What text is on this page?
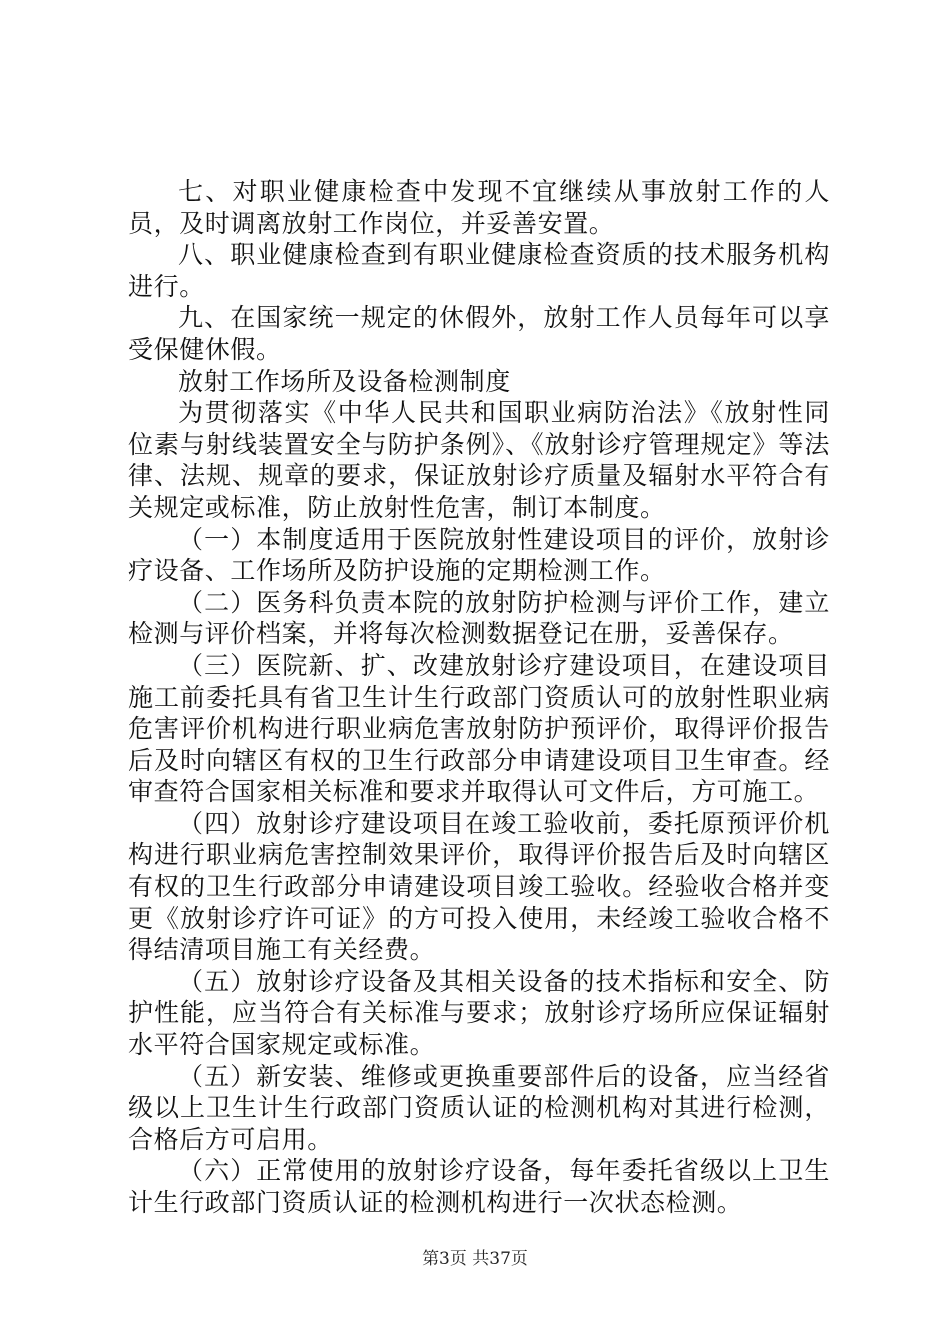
七、对职业健康检查中发现不宜继续从事放射工作的人员，及时调离放射工作岗位，并妥善安置。

八、职业健康检查到有职业健康检查资质的技术服务机构进行。

九、在国家统一规定的休假外，放射工作人员每年可以享受保健休假。

放射工作场所及设备检测制度

为贯彻落实《中华人民共和国职业病防治法》《放射性同位素与射线装置安全与防护条例》、《放射诊疗管理规定》等法律、法规、规章的要求，保证放射诊疗质量及辐射水平符合有关规定或标准，防止放射性危害，制订本制度。

（一）本制度适用于医院放射性建设项目的评价，放射诊疗设备、工作场所及防护设施的定期检测工作。

（二）医务科负责本院的放射防护检测与评价工作，建立检测与评价档案，并将每次检测数据登记在册，妥善保存。

（三）医院新、扩、改建放射诊疗建设项目，在建设项目施工前委托具有省卫生计生行政部门资质认可的放射性职业病危害评价机构进行职业病危害放射防护预评价，取得评价报告后及时向辖区有权的卫生行政部分申请建设项目卫生审查。经审查符合国家相关标准和要求并取得认可文件后，方可施工。

（四）放射诊疗建设项目在竣工验收前，委托原预评价机构进行职业病危害控制效果评价，取得评价报告后及时向辖区有权的卫生行政部分申请建设项目竣工验收。经验收合格并变更《放射诊疗许可证》的方可投入使用，未经竣工验收合格不得结清项目施工有关经费。

（五）放射诊疗设备及其相关设备的技术指标和安全、防护性能，应当符合有关标准与要求；放射诊疗场所应保证辐射水平符合国家规定或标准。

（五）新安装、维修或更换重要部件后的设备，应当经省级以上卫生计生行政部门资质认证的检测机构对其进行检测，合格后方可启用。

（六）正常使用的放射诊疗设备，每年委托省级以上卫生计生行政部门资质认证的检测机构进行一次状态检测。

第3页 共37页
